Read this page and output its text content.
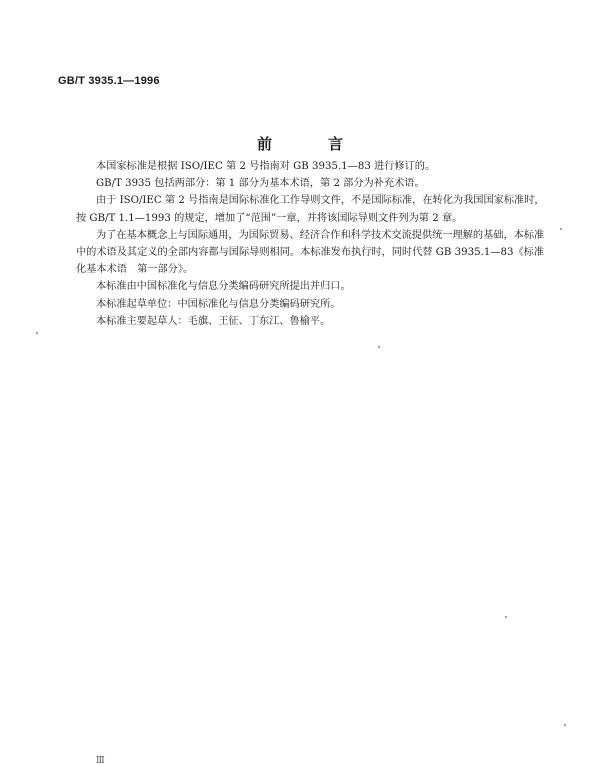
GB/T 3935.1—1996
前	言

本国家标准是根据 ISO/IEC 第 2 号指南对 GB 3935.1—83 进行修订的。

GB/T 3935 包括两部分：第 1 部分为基本术语，第 2 部分为补充术语。

由于 ISO/IEC 第 2 号指南是国际标准化工作导则文件，不是国际标准，在转化为我国国家标准时，按 GB/T 1.1—1993 的规定，增加了“范围”一章，并将该国际导则文件列为第 2 章。

为了在基本概念上与国际通用，为国际贸易、经济合作和科学技术交流提供统一理解的基础，本标准中的术语及其定义的全部内容都与国际导则相同。本标准发布执行时，同时代替 GB 3935.1—83《标准化基本术语　第一部分》。

本标准由中国标准化与信息分类编码研究所提出并归口。

本标准起草单位：中国标准化与信息分类编码研究所。

本标准主要起草人：毛旗、王征、丁东江、鲁榆平。

Ⅲ
